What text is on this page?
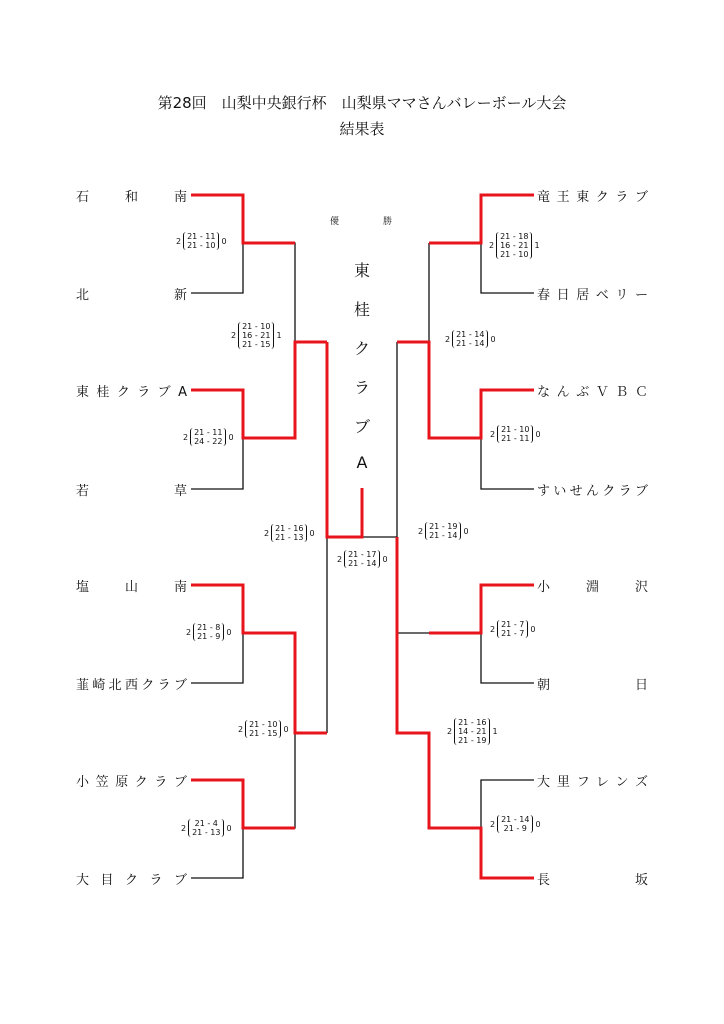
第28回　山梨中央銀行杯　山梨県ママさんバレーボール大会
結果表
石和南
北新
東桂クラブA
若草
塩山南
韮崎北西クラブ
小笠原クラブ
大目クラブ
竜王東クラブ
春日居ベリー
なんぶＶＢＣ
すいせんクラブ
小淵沢
朝日
大里フレンズ
長坂
優	勝
東
桂
ク
ラ
ブ
A
2 21 - 11
21 - 10 0
2 21 - 11
24 - 22 0
2 21 - 8
21 - 9 0
2	21 - 4
21 - 13 0
2
21 - 10
16 - 21
21 - 15
1
2 21 - 10
21 - 15 0
2 21 - 16
21 - 13 0
2 21 - 17
21 - 14 0
2 21 - 19
21 - 14 0
2 21 - 14
21 - 14 0
2
21 - 16
14 - 21
21 - 19
1
2
21 - 18
16 - 21
21 - 10
1
2 21 - 10
21 - 11 0
2 21 - 7
21 - 7 0
2 21 - 14
21 - 9	0
